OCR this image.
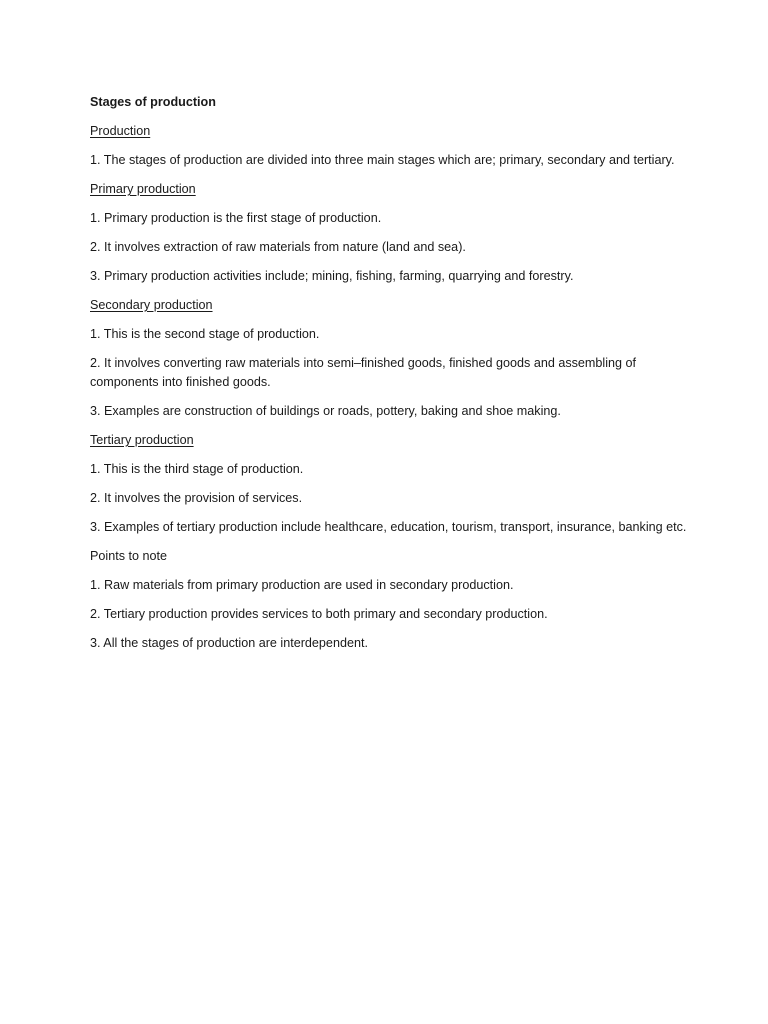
Stages of production
Production

1. The stages of production are divided into three main stages which are; primary, secondary and tertiary.

Primary production

1. Primary production is the first stage of production.

2. It involves extraction of raw materials from nature (land and sea).

3. Primary production activities include; mining, fishing, farming, quarrying and forestry.

Secondary production

1. This is the second stage of production.

2. It involves converting raw materials into semi–finished goods, finished goods and assembling of components into finished goods.

3. Examples are construction of buildings or roads, pottery, baking and shoe making.

Tertiary production

1. This is the third stage of production.

2. It involves the provision of services.

3. Examples of tertiary production include healthcare, education, tourism, transport, insurance, banking etc.

Points to note

1. Raw materials from primary production are used in secondary production.

2. Tertiary production provides services to both primary and secondary production.

3. All the stages of production are interdependent.
